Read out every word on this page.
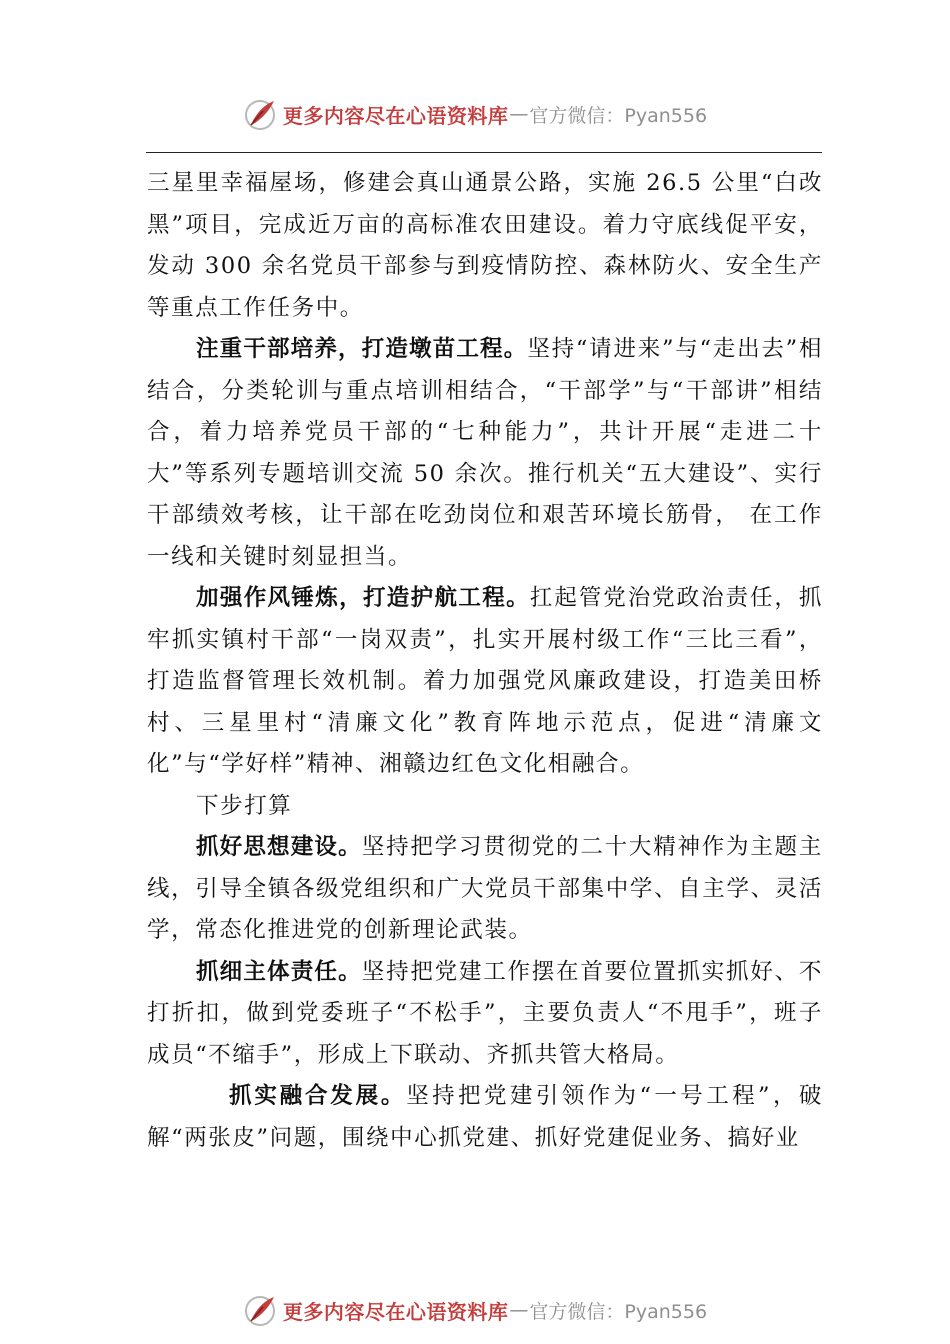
更多内容尽在心语资料库 — 官方微信：Pyan556

三星里幸福屋场，修建会真山通景公路，实施 26.5 公里“白改黑”项目，完成近万亩的高标准农田建设。着力守底线促平安，发动 300 余名党员干部参与到疫情防控、森林防火、安全生产等重点工作任务中。

注重干部培养，打造墩苗工程。坚持“请进来”与“走出去”相结合，分类轮训与重点培训相结合，“干部学”与“干部讲”相结合，着力培养党员干部的“七种能力”，共计开展“走进二十大”等系列专题培训交流 50 余次。推行机关“五大建设”、实行干部绩效考核，让干部在吃劲岗位和艰苦环境长筋骨， 在工作一线和关键时刻显担当。

加强作风锤炼，打造护航工程。扛起管党治党政治责任，抓牢抓实镇村干部“一岗双责”，扎实开展村级工作“三比三看”，打造监督管理长效机制。着力加强党风廉政建设，打造美田桥村、三星里村“清廉文化”教育阵地示范点，促进“清廉文化”与“学好样”精神、湘赣边红色文化相融合。

下步打算

抓好思想建设。坚持把学习贯彻党的二十大精神作为主题主线，引导全镇各级党组织和广大党员干部集中学、自主学、灵活学，常态化推进党的创新理论武装。

抓细主体责任。坚持把党建工作摆在首要位置抓实抓好、不打折扣，做到党委班子“不松手”，主要负责人“不甩手”，班子成员“不缩手”，形成上下联动、齐抓共管大格局。

抓实融合发展。坚持把党建引领作为“一号工程”，破解“两张皮”问题，围绕中心抓党建、抓好党建促业务、搞好业

更多内容尽在心语资料库 — 官方微信：Pyan556
